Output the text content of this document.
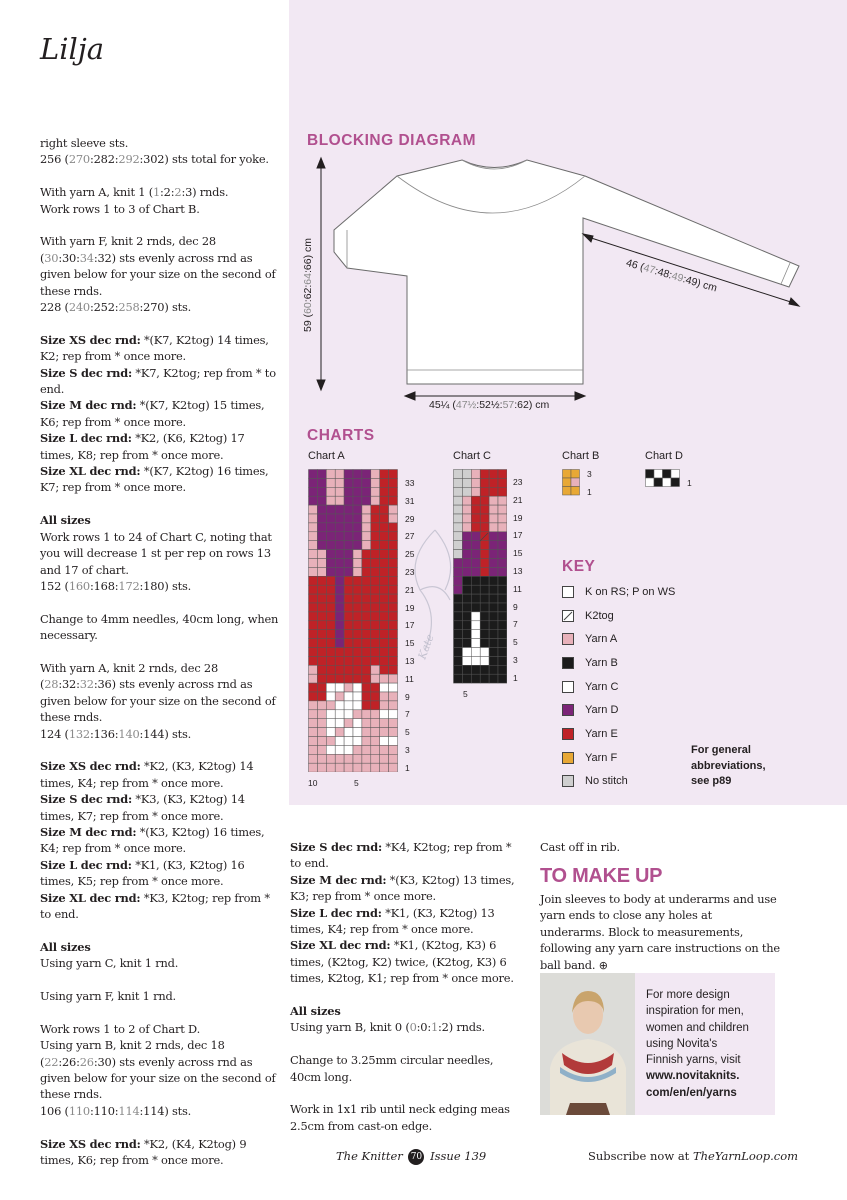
Lilja

right sleeve sts.

256 (270:282:292:302) sts total for yoke.

With yarn A, knit 1 (1:2:2:3) rnds.

Work rows 1 to 3 of Chart B.

With yarn F, knit 2 rnds, dec 28 (30:30:34:32) sts evenly across rnd as given below for your size on the second of these rnds.

228 (240:252:258:270) sts.

Size XS dec rnd: *(K7, K2tog) 14 times, K2; rep from * once more.

Size S dec rnd: *K7, K2tog; rep from * to end.

Size M dec rnd: *(K7, K2tog) 15 times, K6; rep from * once more.

Size L dec rnd: *K2, (K6, K2tog) 17 times, K8; rep from * once more.

Size XL dec rnd: *(K7, K2tog) 16 times, K7; rep from * once more.

All sizes

Work rows 1 to 24 of Chart C, noting that you will decrease 1 st per rep on rows 13 and 17 of chart.

152 (160:168:172:180) sts.

Change to 4mm needles, 40cm long, when necessary.

With yarn A, knit 2 rnds, dec 28 (28:32:32:36) sts evenly across rnd as given below for your size on the second of these rnds.

124 (132:136:140:144) sts.

Size XS dec rnd: *K2, (K3, K2tog) 14 times, K4; rep from * once more.

Size S dec rnd: *K3, (K3, K2tog) 14 times, K7; rep from * once more.

Size M dec rnd: *(K3, K2tog) 16 times, K4; rep from * once more.

Size L dec rnd: *K1, (K3, K2tog) 16 times, K5; rep from * once more.

Size XL dec rnd: *K3, K2tog; rep from * to end.

All sizes

Using yarn C, knit 1 rnd.

Using yarn F, knit 1 rnd.

Work rows 1 to 2 of Chart D.

Using yarn B, knit 2 rnds, dec 18 (22:26:26:30) sts evenly across rnd as given below for your size on the second of these rnds.

106 (110:110:114:114) sts.

Size XS dec rnd: *K2, (K4, K2tog) 9 times, K6; rep from * once more.

Size S dec rnd: *K4, K2tog; rep from * to end.

Size M dec rnd: *(K3, K2tog) 13 times, K3; rep from * once more.

Size L dec rnd: *K1, (K3, K2tog) 13 times, K4; rep from * once more.

Size XL dec rnd: *K1, (K2tog, K3) 6 times, (K2tog, K2) twice, (K2tog, K3) 6 times, K2tog, K1; rep from * once more.

All sizes

Using yarn B, knit 0 (0:0:1:2) rnds.

Change to 3.25mm circular needles, 40cm long.

Work in 1x1 rib until neck edging meas 2.5cm from cast-on edge.

Cast off in rib.

TO MAKE UP
Join sleeves to body at underarms and use yarn ends to close any holes at underarms. Block to measurements, following any yarn care instructions on the ball band. ⊕
BLOCKING DIAGRAM
59 (60:62:64:66) cm	46 (47:48:49:49) cm
45¼ (47½:52½:57:62) cm
CHARTS
Chart A	Chart C	Chart B	Chart D
33
31
29
27
25
23
21
19
17
15
13
11
9
7
5
3
1
10	5
23
21
19
17
15
13
11
9
7
5
3
1
5
3
1
1
Kate
KEY
K on RS; P on WS
K2tog
Yarn A
Yarn B
Yarn C
Yarn D
Yarn E
Yarn F
No stitch
For general
abbreviations,
see p89
For more design
inspiration for men,
women and children
using Novita's
Finnish yarns, visit
www.novitaknits.
com/en/en/yarns
The Knitter 70 Issue 139	Subscribe now at TheYarnLoop.com
